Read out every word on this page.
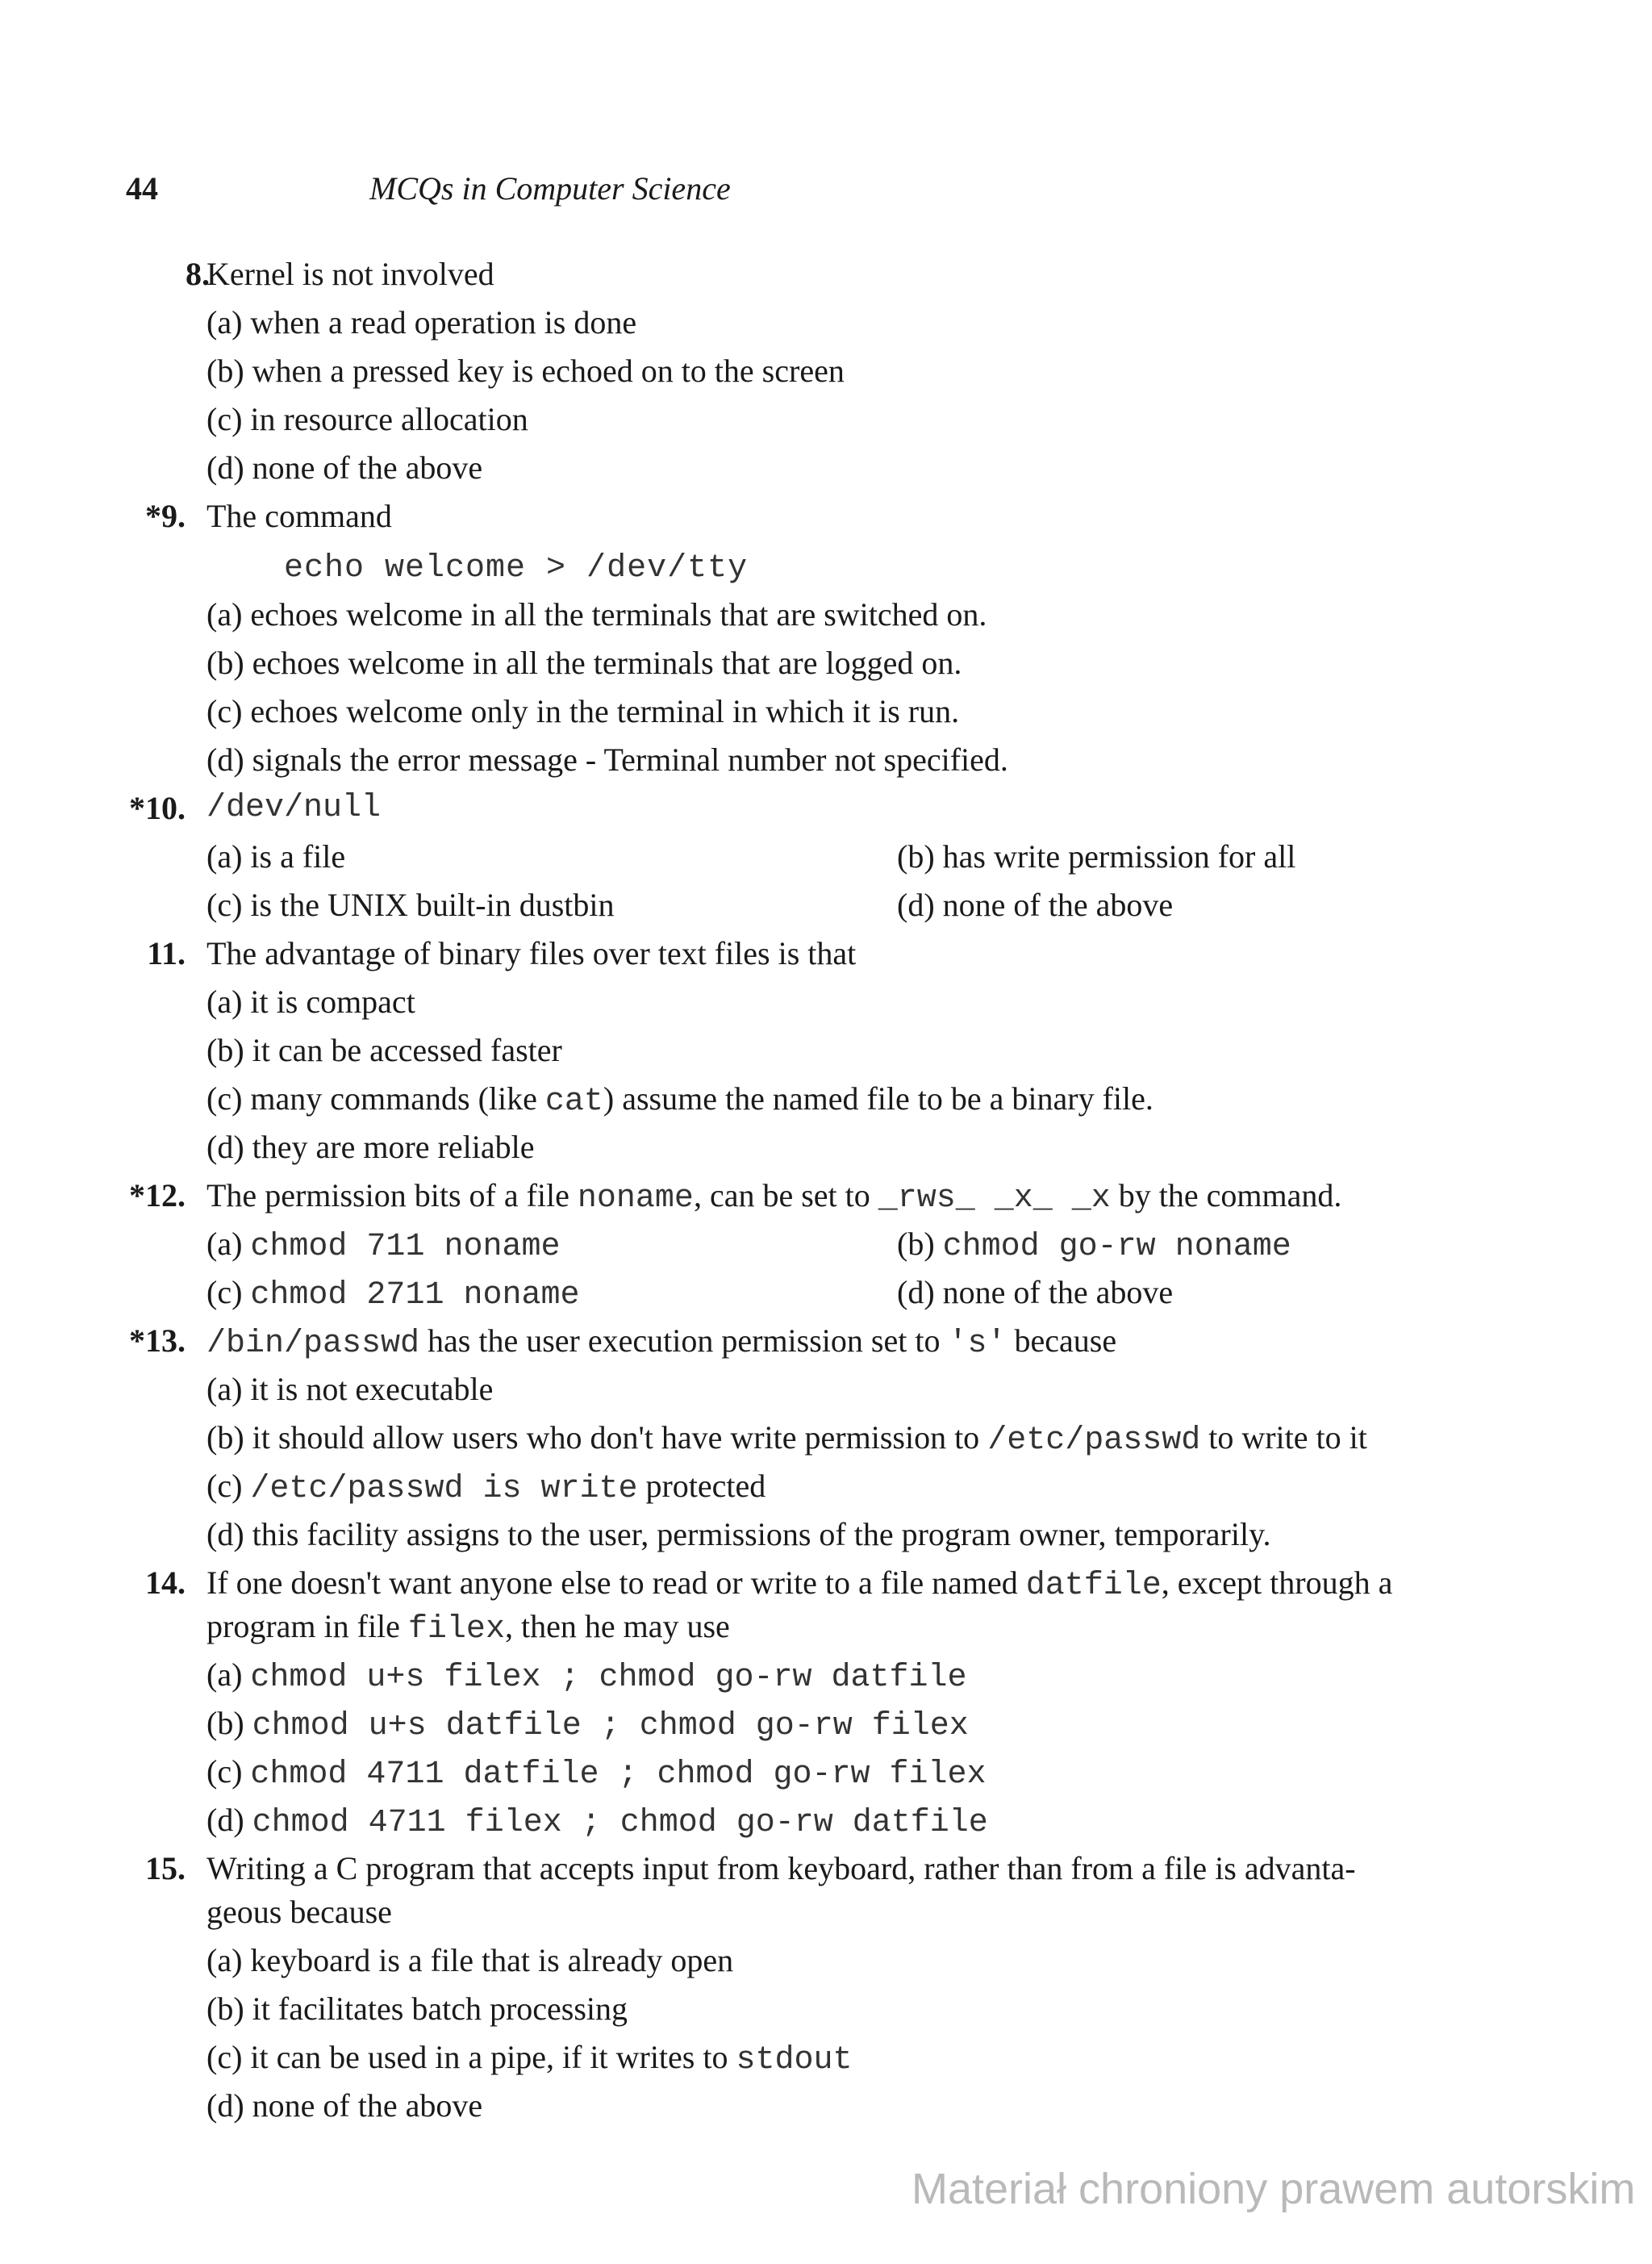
44	MCQs in Computer Science
8.
Kernel is not involved
(a) when a read operation is done
(b) when a pressed key is echoed on to the screen
(c) in resource allocation
(d) none of the above
*9. The command
echo welcome > /dev/tty
(a) echoes welcome in all the terminals that are switched on.
(b) echoes welcome in all the terminals that are logged on.
(c) echoes welcome only in the terminal in which it is run.
(d) signals the error message - Terminal number not specified.
*10. /dev/null
(a) is a file	(b) has write permission for all
(c) is the UNIX built-in dustbin	(d) none of the above
11. The advantage of binary files over text files is that
(a) it is compact
(b) it can be accessed faster
(c) many commands (like cat) assume the named file to be a binary file.
(d) they are more reliable
*12. The permission bits of a file noname, can be set to _rws_ _x_ _x by the command.
(a) chmod 711 noname	(b) chmod go-rw noname
(c) chmod 2711 noname	(d) none of the above
*13. /bin/passwd has the user execution permission set to 's' because
(a) it is not executable
(b) it should allow users who don't have write permission to /etc/passwd to write to it
(c) /etc/passwd is write protected
(d) this facility assigns to the user, permissions of the program owner, temporarily.
14. If one doesn't want anyone else to read or write to a file named datfile, except through a
program in file filex, then he may use
(a) chmod u+s filex ; chmod go-rw datfile
(b) chmod u+s datfile ; chmod go-rw filex
(c) chmod 4711 datfile ; chmod go-rw filex
(d) chmod 4711 filex ; chmod go-rw datfile
15. Writing a C program that accepts input from keyboard, rather than from a file is advanta-
geous because
(a) keyboard is a file that is already open
(b) it facilitates batch processing
(c) it can be used in a pipe, if it writes to stdout
(d) none of the above
Materiał chroniony prawem autorskim
